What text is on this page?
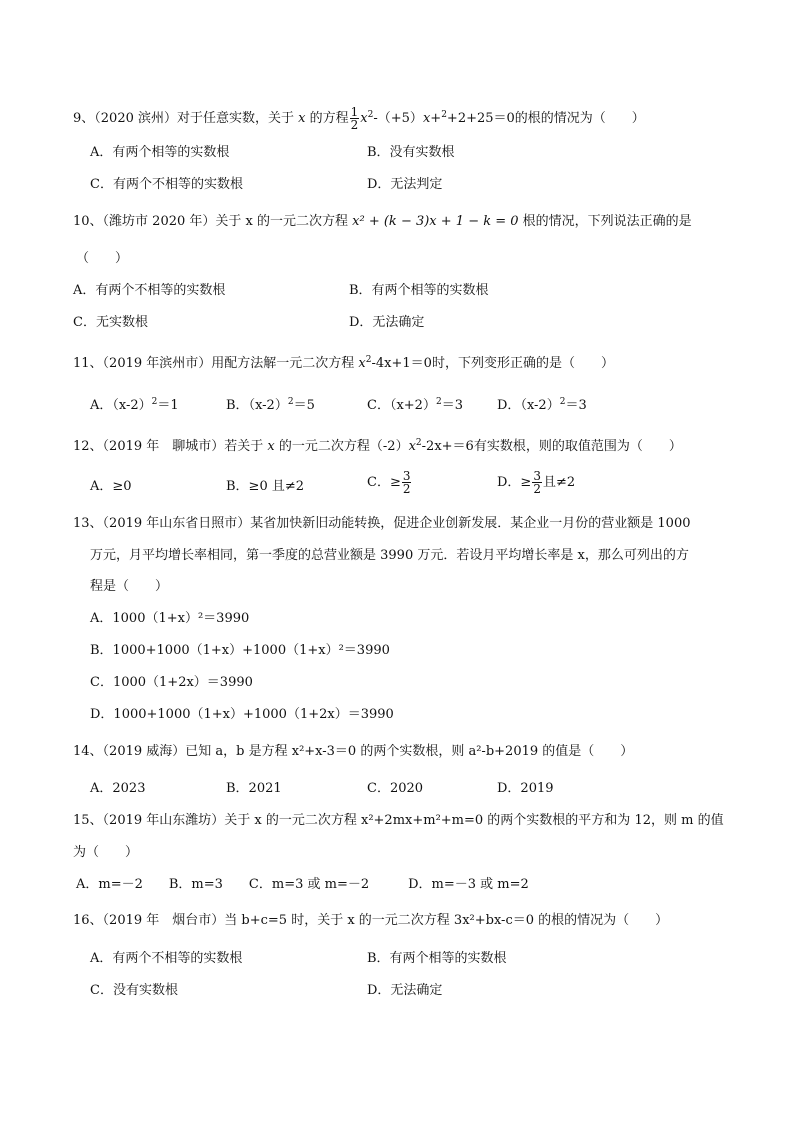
9、（2020 滨州）对于任意实数，关于 x 的方程 $\frac{1}{2} x^2-(+5)x+^2+2+25=0$的根的情况为（　　）
A．有两个相等的实数根	B．没有实数根
C．有两个不相等的实数根	D．无法判定
10、（潍坊市 2020 年）关于 x 的一元二次方程 x² + (k − 3)x + 1 − k = 0 根的情况，下列说法正确的是
（　　）
A．有两个不相等的实数根	B．有两个相等的实数根
C．无实数根	D．无法确定
11、（2019 年滨州市）用配方法解一元二次方程 $x^2-4x+1=0$时，下列变形正确的是（　　）
A．$(x-2)^2=1$	B．$(x-2)^2=5$	C．$(x+2)^2=3$	D．$(x-2)^2=3$
12、（2019 年　聊城市）若关于 x 的一元二次方程$(-2)x^2-2x+=6$有实数根，则的取值范围为（　　）
A．≥0	B．≥0 且≠2	C．≥ $\frac{3}{2}$	D．≥ $\frac{3}{2}$ 且≠2
13、（2019 年山东省日照市）某省加快新旧动能转换，促进企业创新发展．某企业一月份的营业额是 1000
万元，月平均增长率相同，第一季度的总营业额是 3990 万元．若设月平均增长率是 x，那么可列出的方
程是（　　）
A．1000（1+x）²＝3990
B．1000+1000（1+x）+1000（1+x）²＝3990
C．1000（1+2x）＝3990
D．1000+1000（1+x）+1000（1+2x）＝3990
14、（2019 威海）已知 a，b 是方程 x²+x-3＝0 的两个实数根，则 a²-b+2019 的值是（　　）
A．2023	B．2021	C．2020	D．2019
15、（2019 年山东潍坊）关于 x 的一元二次方程 x²+2mx+m²+m=0 的两个实数根的平方和为 12，则 m 的值
为（　　）
A．m=－2　　B．m=3　　C．m=3 或 m=－2　　　D．m=－3 或 m=2
16、（2019 年　烟台市）当 b+c=5 时，关于 x 的一元二次方程 3x²+bx-c＝0 的根的情况为（　　）
A．有两个不相等的实数根	B．有两个相等的实数根
C．没有实数根	D．无法确定
